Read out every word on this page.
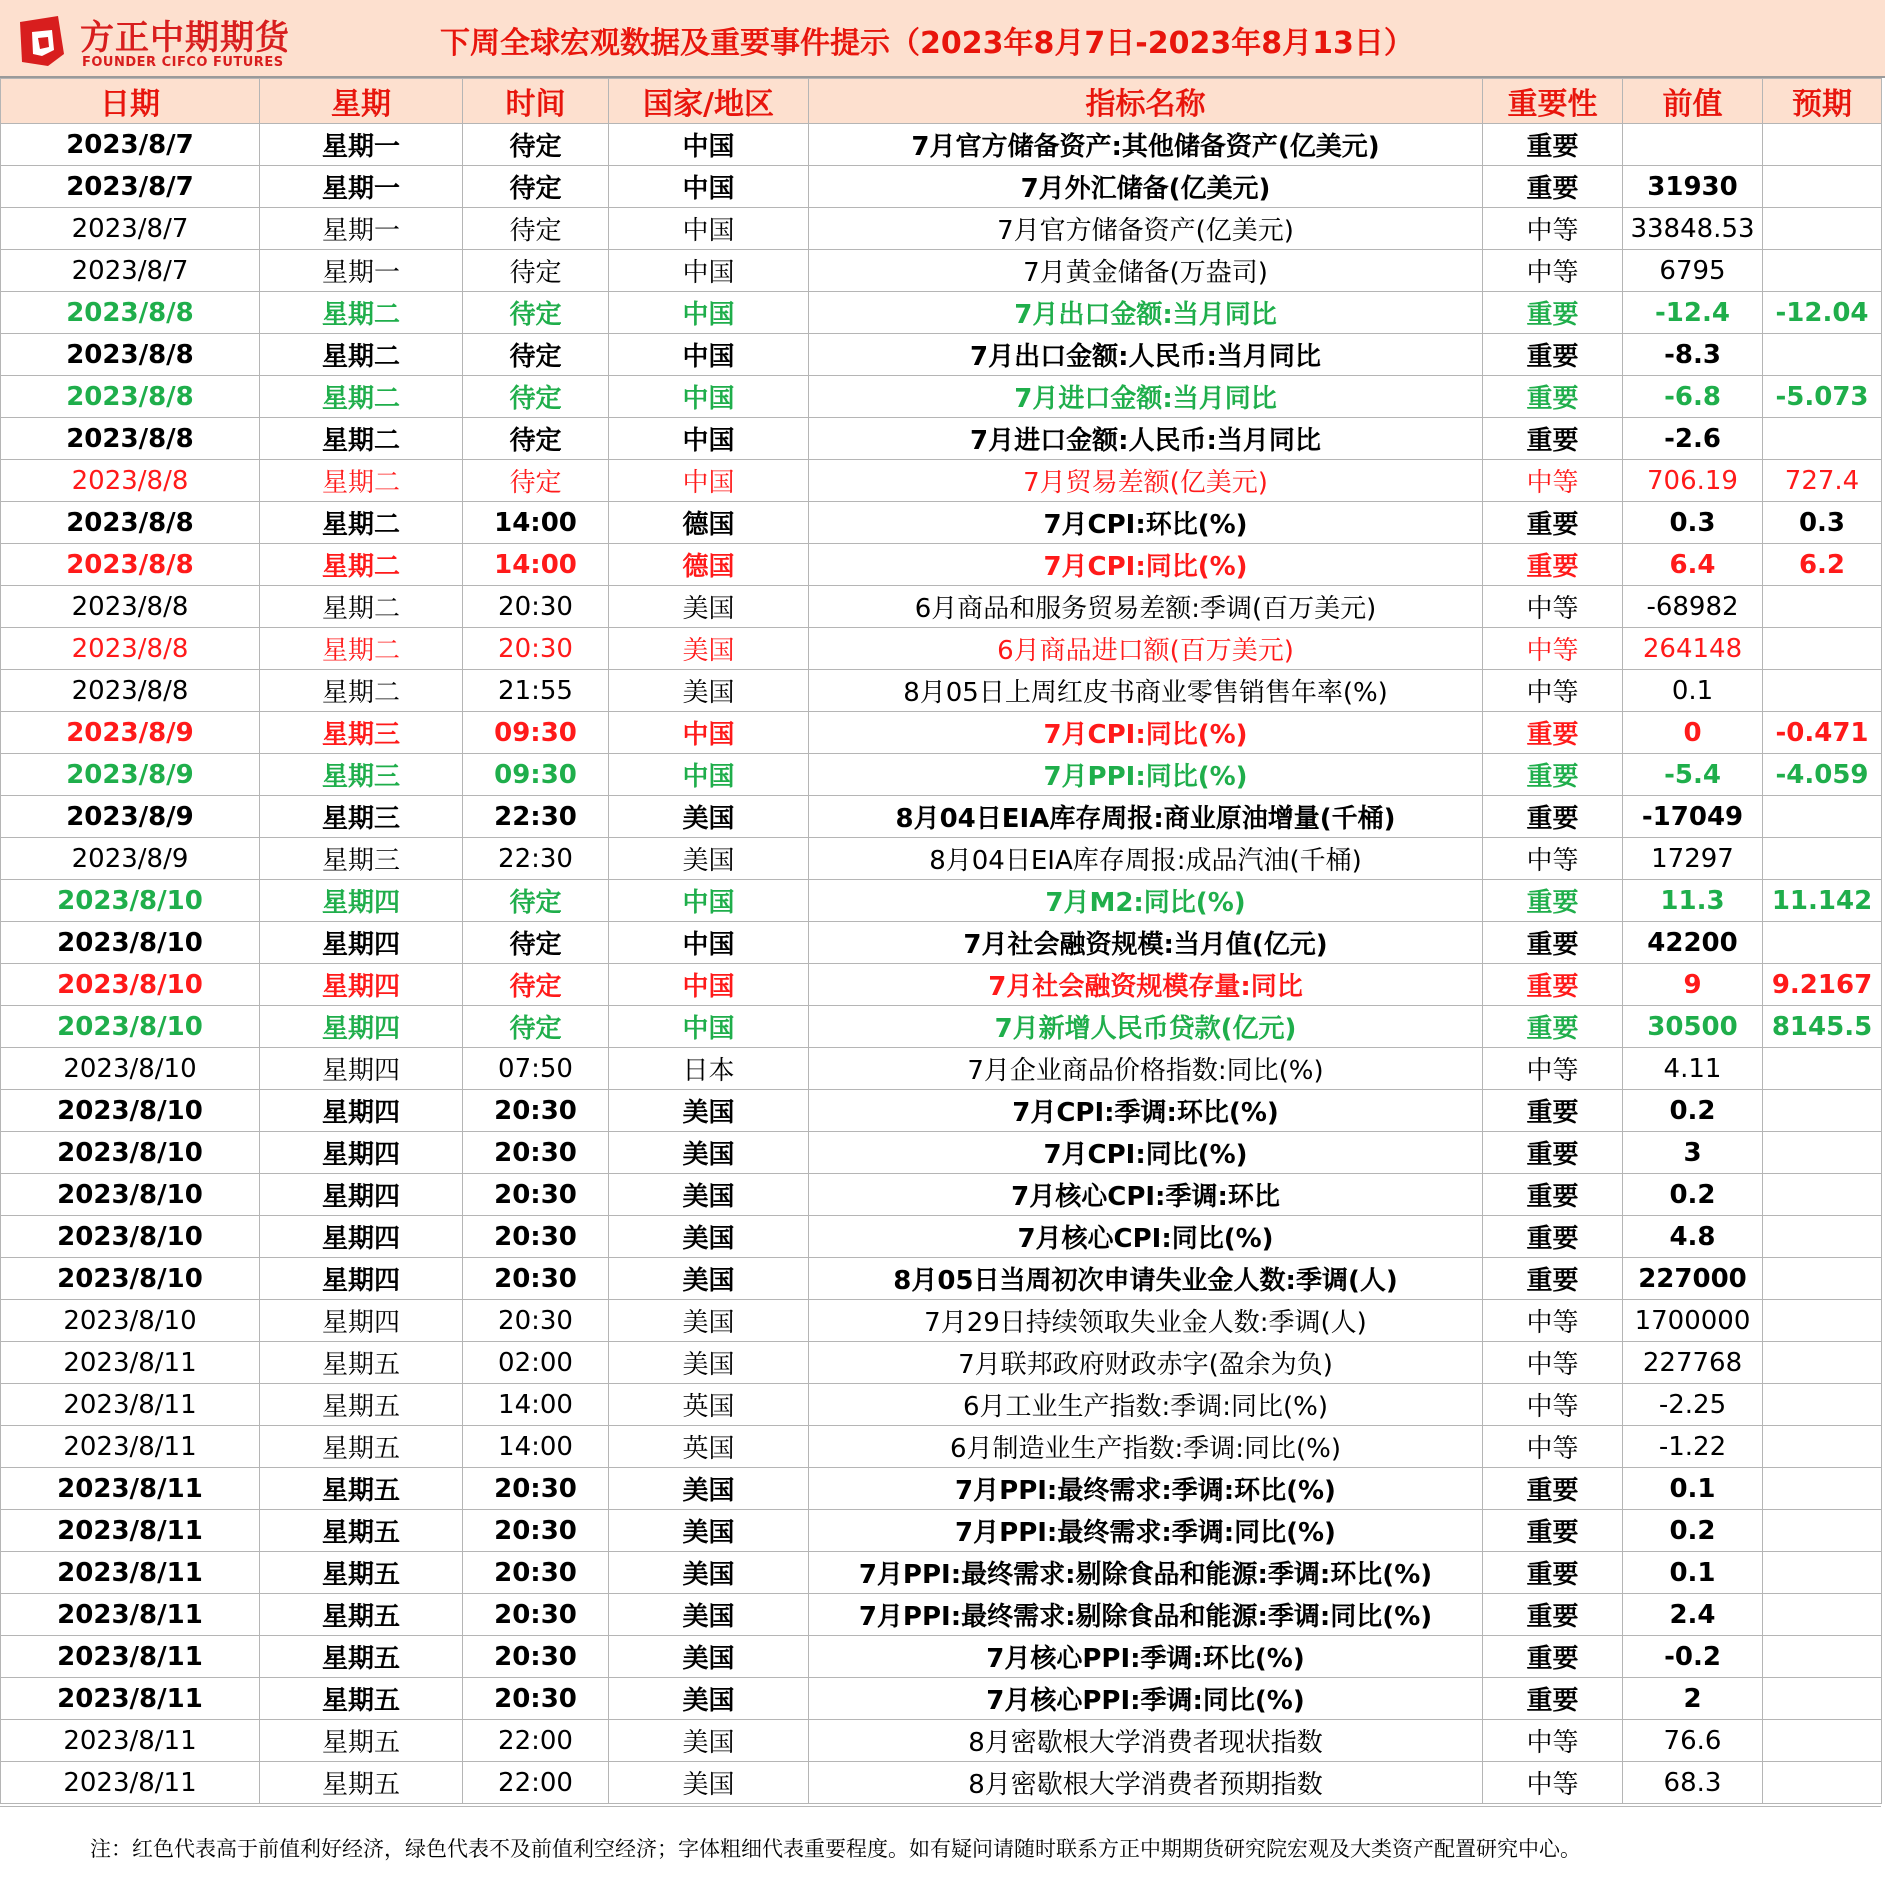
方正中期期货
FOUNDER CIFCO FUTURES
下周全球宏观数据及重要事件提示（2023年8月7日-2023年8月13日）
日期	星期	时间	国家/地区	指标名称	重要性	前值	预期
2023/8/7	星期一	待定	中国	7月官方储备资产:其他储备资产(亿美元)	重要		
2023/8/7	星期一	待定	中国	7月外汇储备(亿美元)	重要	31930	
2023/8/7	星期一	待定	中国	7月官方储备资产(亿美元)	中等	33848.53	
2023/8/7	星期一	待定	中国	7月黄金储备(万盎司)	中等	6795	
2023/8/8	星期二	待定	中国	7月出口金额:当月同比	重要	-12.4	-12.04
2023/8/8	星期二	待定	中国	7月出口金额:人民币:当月同比	重要	-8.3	
2023/8/8	星期二	待定	中国	7月进口金额:当月同比	重要	-6.8	-5.073
2023/8/8	星期二	待定	中国	7月进口金额:人民币:当月同比	重要	-2.6	
2023/8/8	星期二	待定	中国	7月贸易差额(亿美元)	中等	706.19	727.4
2023/8/8	星期二	14:00	德国	7月CPI:环比(%)	重要	0.3	0.3
2023/8/8	星期二	14:00	德国	7月CPI:同比(%)	重要	6.4	6.2
2023/8/8	星期二	20:30	美国	6月商品和服务贸易差额:季调(百万美元)	中等	-68982	
2023/8/8	星期二	20:30	美国	6月商品进口额(百万美元)	中等	264148	
2023/8/8	星期二	21:55	美国	8月05日上周红皮书商业零售销售年率(%)	中等	0.1	
2023/8/9	星期三	09:30	中国	7月CPI:同比(%)	重要	0	-0.471
2023/8/9	星期三	09:30	中国	7月PPI:同比(%)	重要	-5.4	-4.059
2023/8/9	星期三	22:30	美国	8月04日EIA库存周报:商业原油增量(千桶)	重要	-17049	
2023/8/9	星期三	22:30	美国	8月04日EIA库存周报:成品汽油(千桶)	中等	17297	
2023/8/10	星期四	待定	中国	7月M2:同比(%)	重要	11.3	11.142
2023/8/10	星期四	待定	中国	7月社会融资规模:当月值(亿元)	重要	42200	
2023/8/10	星期四	待定	中国	7月社会融资规模存量:同比	重要	9	9.2167
2023/8/10	星期四	待定	中国	7月新增人民币贷款(亿元)	重要	30500	8145.5
2023/8/10	星期四	07:50	日本	7月企业商品价格指数:同比(%)	中等	4.11	
2023/8/10	星期四	20:30	美国	7月CPI:季调:环比(%)	重要	0.2	
2023/8/10	星期四	20:30	美国	7月CPI:同比(%)	重要	3	
2023/8/10	星期四	20:30	美国	7月核心CPI:季调:环比	重要	0.2	
2023/8/10	星期四	20:30	美国	7月核心CPI:同比(%)	重要	4.8	
2023/8/10	星期四	20:30	美国	8月05日当周初次申请失业金人数:季调(人)	重要	227000	
2023/8/10	星期四	20:30	美国	7月29日持续领取失业金人数:季调(人)	中等	1700000	
2023/8/11	星期五	02:00	美国	7月联邦政府财政赤字(盈余为负)	中等	227768	
2023/8/11	星期五	14:00	英国	6月工业生产指数:季调:同比(%)	中等	-2.25	
2023/8/11	星期五	14:00	英国	6月制造业生产指数:季调:同比(%)	中等	-1.22	
2023/8/11	星期五	20:30	美国	7月PPI:最终需求:季调:环比(%)	重要	0.1	
2023/8/11	星期五	20:30	美国	7月PPI:最终需求:季调:同比(%)	重要	0.2	
2023/8/11	星期五	20:30	美国	7月PPI:最终需求:剔除食品和能源:季调:环比(%)	重要	0.1	
2023/8/11	星期五	20:30	美国	7月PPI:最终需求:剔除食品和能源:季调:同比(%)	重要	2.4	
2023/8/11	星期五	20:30	美国	7月核心PPI:季调:环比(%)	重要	-0.2	
2023/8/11	星期五	20:30	美国	7月核心PPI:季调:同比(%)	重要	2	
2023/8/11	星期五	22:00	美国	8月密歇根大学消费者现状指数	中等	76.6	
2023/8/11	星期五	22:00	美国	8月密歇根大学消费者预期指数	中等	68.3	
注：红色代表高于前值利好经济，绿色代表不及前值利空经济；字体粗细代表重要程度。如有疑问请随时联系方正中期期货研究院宏观及大类资产配置研究中心。
